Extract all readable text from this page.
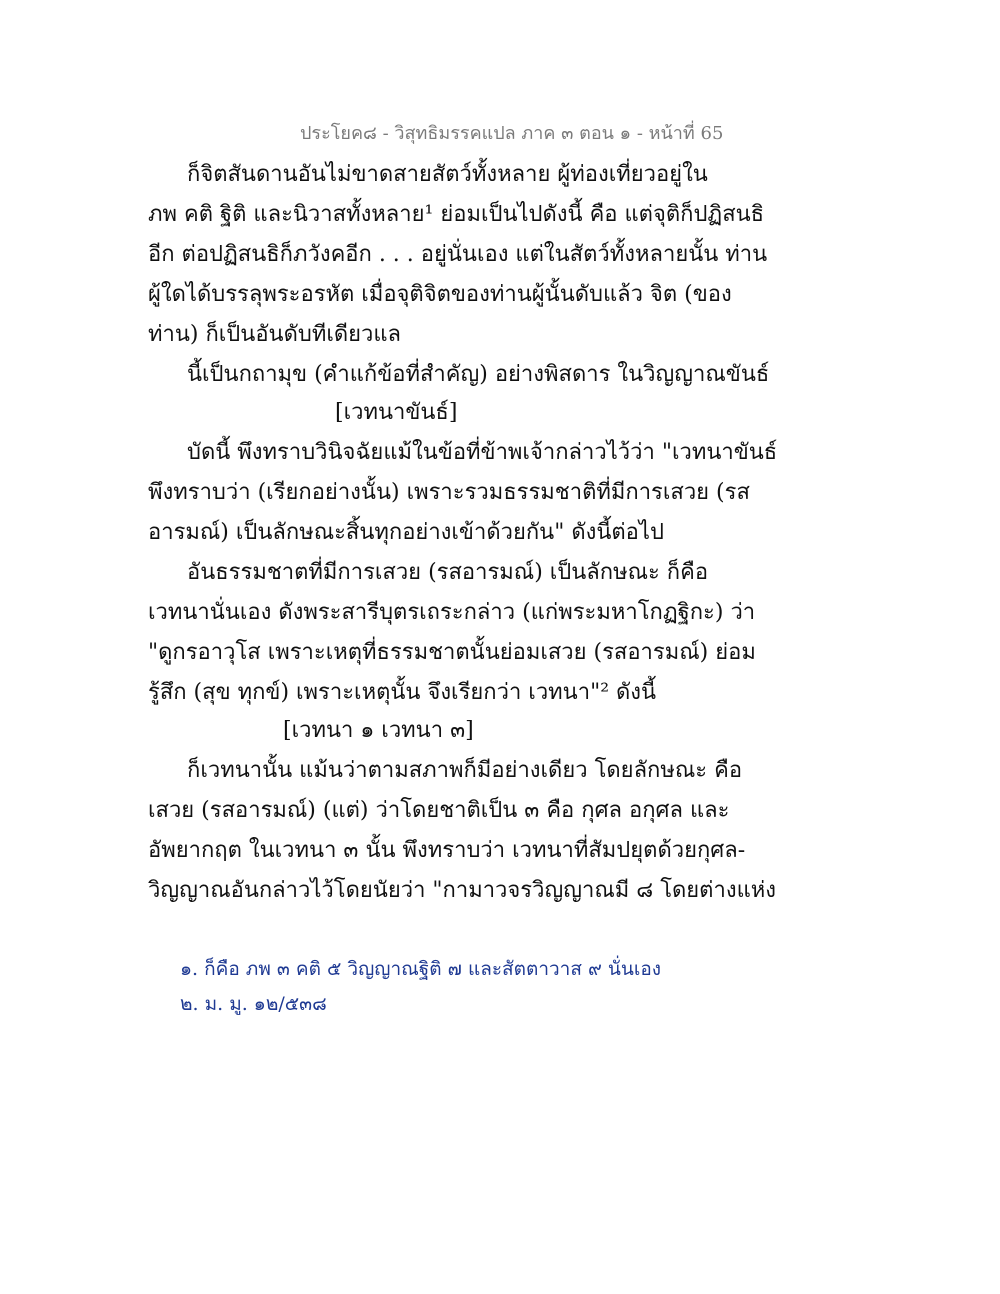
ประโยค๘ - วิสุทธิมรรคแปล ภาค ๓ ตอน ๑ - หน้าที่ 65
ก็จิตสันดานอันไม่ขาดสายสัตว์ทั้งหลาย ผู้ท่องเที่ยวอยู่ใน
ภพ คติ ฐิติ และนิวาสทั้งหลาย¹ ย่อมเป็นไปดังนี้ คือ แต่จุติก็ปฏิสนธิ
อีก ต่อปฏิสนธิก็ภวังคอีก . . . อยู่นั่นเอง แต่ในสัตว์ทั้งหลายนั้น ท่าน
ผู้ใดได้บรรลุพระอรหัต เมื่อจุติจิตของท่านผู้นั้นดับแล้ว จิต (ของ
ท่าน) ก็เป็นอันดับทีเดียวแล
นี้เป็นกถามุข (คำแก้ข้อที่สำคัญ) อย่างพิสดาร ในวิญญาณขันธ์
[เวทนาขันธ์]
บัดนี้ พึงทราบวินิจฉัยแม้ในข้อที่ข้าพเจ้ากล่าวไว้ว่า "เวทนาขันธ์
พึงทราบว่า (เรียกอย่างนั้น) เพราะรวมธรรมชาติที่มีการเสวย (รส
อารมณ์) เป็นลักษณะสิ้นทุกอย่างเข้าด้วยกัน" ดังนี้ต่อไป
อันธรรมชาตที่มีการเสวย (รสอารมณ์) เป็นลักษณะ ก็คือ
เวทนานั่นเอง ดังพระสารีบุตรเถระกล่าว (แก่พระมหาโกฏฐิกะ) ว่า
"ดูกรอาวุโส เพราะเหตุที่ธรรมชาตนั้นย่อมเสวย (รสอารมณ์) ย่อม
รู้สึก (สุข ทุกข์) เพราะเหตุนั้น จึงเรียกว่า เวทนา"² ดังนี้
[เวทนา ๑ เวทนา ๓]
ก็เวทนานั้น แม้นว่าตามสภาพก็มีอย่างเดียว โดยลักษณะ คือ
เสวย (รสอารมณ์) (แต่) ว่าโดยชาติเป็น ๓ คือ กุศล อกุศล และ
อัพยากฤต ในเวทนา ๓ นั้น พึงทราบว่า เวทนาที่สัมปยุตด้วยกุศล-
วิญญาณอันกล่าวไว้โดยนัยว่า "กามาวจรวิญญาณมี ๘ โดยต่างแห่ง
๑. ก็คือ ภพ ๓ คติ ๕ วิญญาณฐิติ ๗ และสัตตาวาส ๙ นั่นเอง
๒. ม. มู. ๑๒/๕๓๘
